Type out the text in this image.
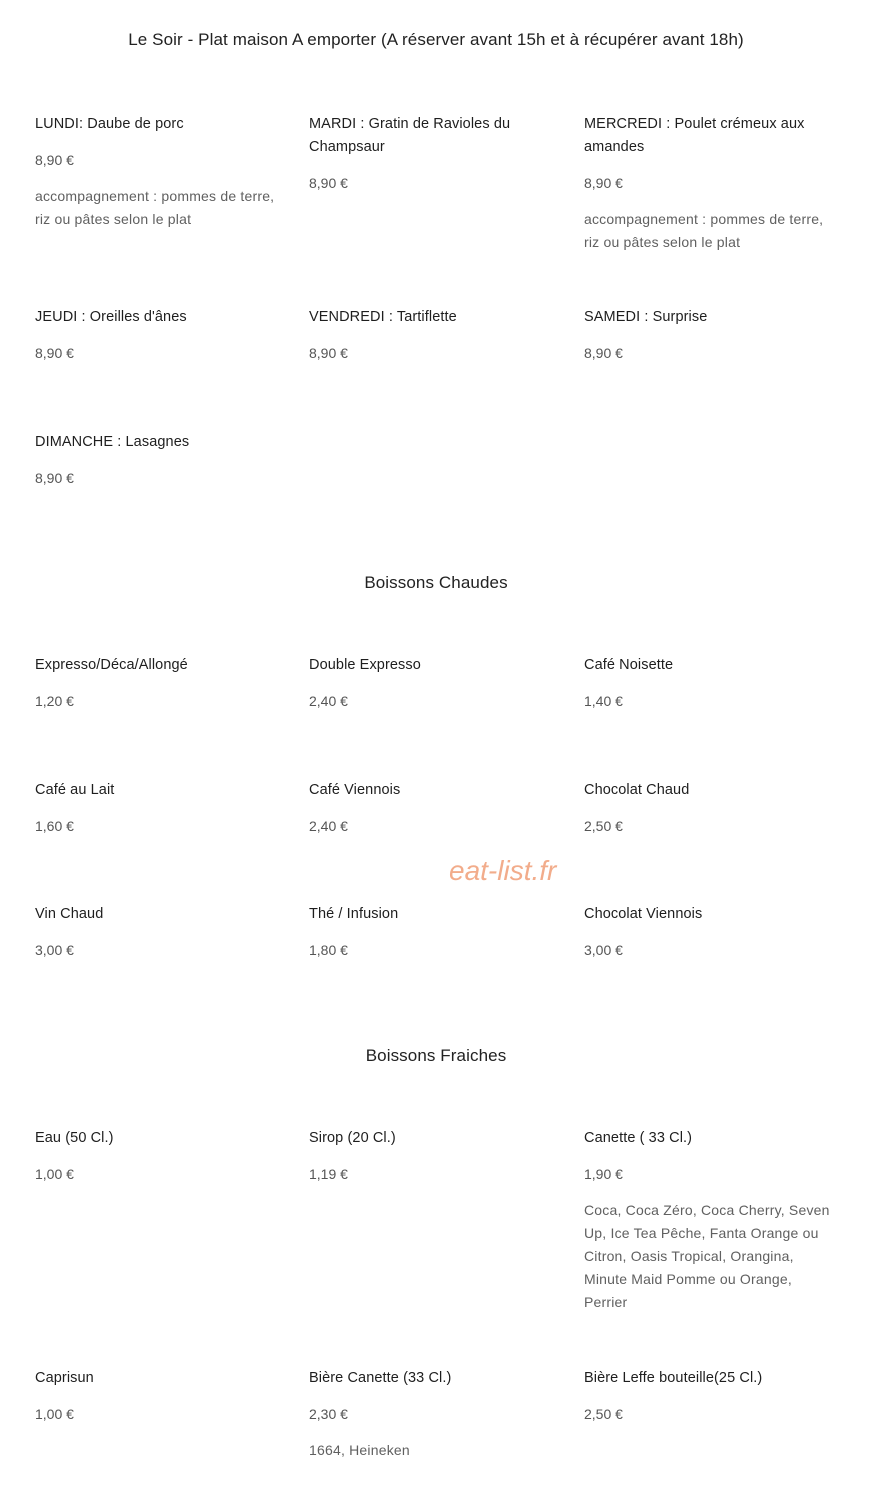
Le Soir - Plat maison A emporter (A réserver avant 15h et à récupérer avant 18h)
LUNDI: Daube de porc
8,90 €
accompagnement : pommes de terre, riz ou pâtes selon le plat
MARDI : Gratin de Ravioles du Champsaur
8,90 €
MERCREDI : Poulet crémeux aux amandes
8,90 €
accompagnement : pommes de terre, riz ou pâtes selon le plat
JEUDI : Oreilles d'ânes
8,90 €
VENDREDI : Tartiflette
8,90 €
SAMEDI : Surprise
8,90 €
DIMANCHE : Lasagnes
8,90 €
Boissons Chaudes
Expresso/Déca/Allongé
1,20 €
Double Expresso
2,40 €
Café Noisette
1,40 €
Café au Lait
1,60 €
Café Viennois
2,40 €
Chocolat Chaud
2,50 €
Vin Chaud
3,00 €
Thé / Infusion
1,80 €
Chocolat Viennois
3,00 €
eat-list.fr
Boissons Fraiches
Eau (50 Cl.)
1,00 €
Sirop (20 Cl.)
1,19 €
Canette ( 33 Cl.)
1,90 €
Coca, Coca Zéro, Coca Cherry, Seven Up, Ice Tea Pêche, Fanta Orange ou Citron, Oasis Tropical, Orangina, Minute Maid Pomme ou Orange, Perrier
Caprisun
1,00 €
Bière Canette (33 Cl.)
2,30 €
1664, Heineken
Bière Leffe bouteille(25 Cl.)
2,50 €
